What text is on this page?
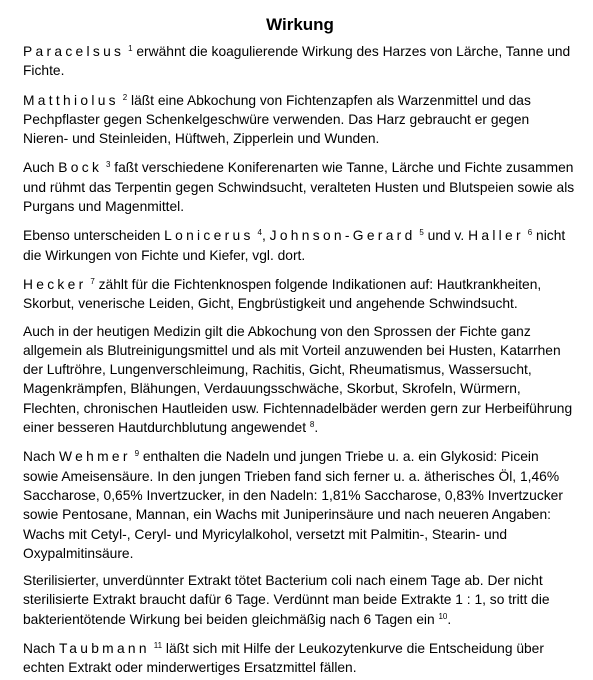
Wirkung

Paracelsus $^1$ erwähnt die koagulierende Wirkung des Harzes von Lärche, Tanne und Fichte.

Matthiolus $^2$ läßt eine Abkochung von Fichtenzapfen als Warzenmittel und das Pechpflaster gegen Schenkelgeschwüre verwenden. Das Harz gebraucht er gegen Nieren- und Steinleiden, Hüftweh, Zipperlein und Wunden.

Auch Bock $^3$ faßt verschiedene Koniferenarten wie Tanne, Lärche und Fichte zusammen und rühmt das Terpentin gegen Schwindsucht, veralteten Husten und Blutspeien sowie als Purgans und Magenmittel.

Ebenso unterscheiden Lonicerus $^4$, Johnson-Gerard $^5$ und v. Haller $^6$ nicht die Wirkungen von Fichte und Kiefer, vgl. dort.

Hecker $^7$ zählt für die Fichtenknospen folgende Indikationen auf: Hautkrankheiten, Skorbut, venerische Leiden, Gicht, Engbrüstigkeit und angehende Schwindsucht.

Auch in der heutigen Medizin gilt die Abkochung von den Sprossen der Fichte ganz allgemein als Blutreinigungsmittel und als mit Vorteil anzuwenden bei Husten, Katarrhen der Luftröhre, Lungenverschleimung, Rachitis, Gicht, Rheumatismus, Wassersucht, Magenkrämpfen, Blähungen, Verdauungsschwäche, Skorbut, Skrofeln, Würmern, Flechten, chronischen Hautleiden usw. Fichtennadelbäder werden gern zur Herbeiführung einer besseren Hautdurchblutung angewendet $^8$.

Nach Wehmer $^9$ enthalten die Nadeln und jungen Triebe u. a. ein Glykosid: Picein sowie Ameisensäure. In den jungen Trieben fand sich ferner u. a. ätherisches Öl, 1,46% Saccharose, 0,65% Invertzucker, in den Nadeln: 1,81% Saccharose, 0,83% Invertzucker sowie Pentosane, Mannan, ein Wachs mit Juniperinsäure und nach neueren Angaben: Wachs mit Cetyl-, Ceryl- und Myricylalkohol, versetzt mit Palmitin-, Stearin- und Oxypalmitinsäure.

Sterilisierter, unverdünnter Extrakt tötet Bacterium coli nach einem Tage ab. Der nicht sterilisierte Extrakt braucht dafür 6 Tage. Verdünnt man beide Extrakte 1 : 1, so tritt die bakterientötende Wirkung bei beiden gleichmäßig nach 6 Tagen ein $^{10}$.

Nach Taubmann $^{11}$ läßt sich mit Hilfe der Leukozytenkurve die Entscheidung über echten Extrakt oder minderwertiges Ersatzmittel fällen.
